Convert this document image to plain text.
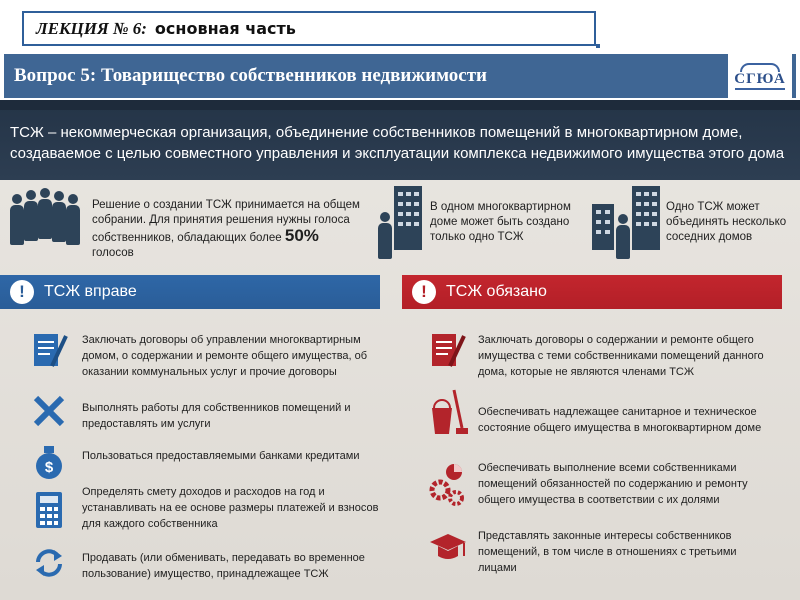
ЛЕКЦИЯ № 6: основная часть
Вопрос 5: Товарищество собственников недвижимости	СГЮА
ТСЖ – некоммерческая организация, объединение собственников помещений в многоквартирном доме, создаваемое с целью совместного управления и эксплуатации комплекса недвижимого имущества этого дома
Решение о создании ТСЖ принимается на общем собрании. Для принятия решения нужны голоса собственников, обладающих более 50% голосов
В одном многоквартирном доме может быть создано только одно ТСЖ
Одно ТСЖ может объединять несколько соседних домов
!	ТСЖ вправе	!	ТСЖ обязано
Заключать договоры об управлении многоквартирным домом, о содержании и ремонте общего имущества, об оказании коммунальных услуг и прочие договоры
Выполнять работы для собственников помещений и предоставлять им услуги
$
Пользоваться предоставляемыми банками кредитами
Определять смету доходов и расходов на год и устанавливать на ее основе размеры платежей и взносов для каждого собственника
Продавать (или обменивать, передавать во временное пользование) имущество, принадлежащее ТСЖ
Заключать договоры о содержании и ремонте общего имущества с теми собственниками помещений данного дома, которые не являются членами ТСЖ
Обеспечивать надлежащее санитарное и техническое состояние общего имущества в многоквартирном доме
Обеспечивать выполнение всеми собственниками помещений обязанностей по содержанию и ремонту общего имущества в соответствии с их долями
Представлять законные интересы собственников помещений, в том числе в отношениях с третьими лицами
